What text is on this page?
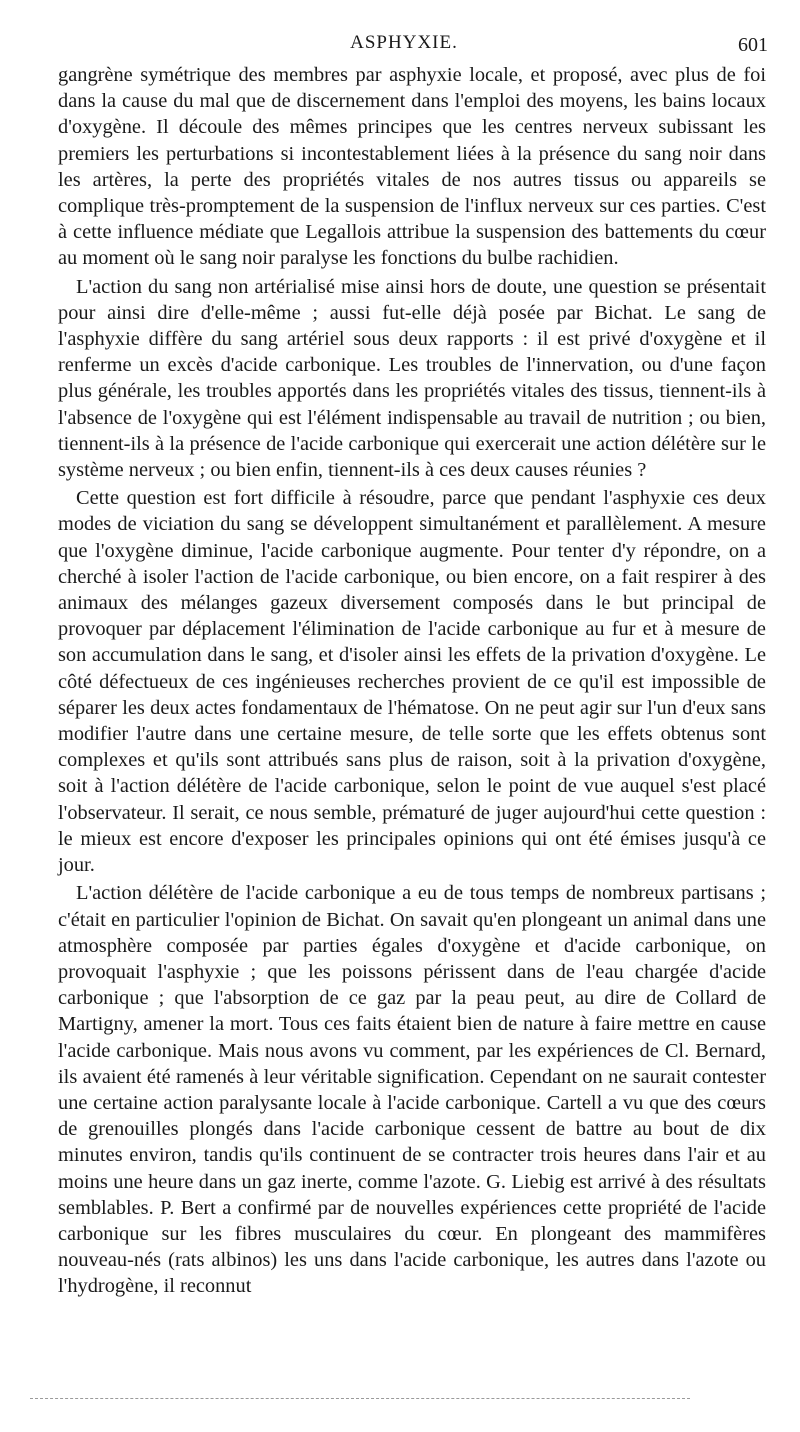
ASPHYXIE.	601

gangrène symétrique des membres par asphyxie locale, et proposé, avec plus de foi dans la cause du mal que de discernement dans l'emploi des moyens, les bains locaux d'oxygène. Il découle des mêmes principes que les centres nerveux subissant les premiers les perturbations si incontestablement liées à la présence du sang noir dans les artères, la perte des propriétés vitales de nos autres tissus ou appareils se complique très-promptement de la suspension de l'influx nerveux sur ces parties. C'est à cette influence médiate que Legallois attribue la suspension des battements du cœur au moment où le sang noir paralyse les fonctions du bulbe rachidien.

L'action du sang non artérialisé mise ainsi hors de doute, une question se présentait pour ainsi dire d'elle-même ; aussi fut-elle déjà posée par Bichat. Le sang de l'asphyxie diffère du sang artériel sous deux rapports : il est privé d'oxygène et il renferme un excès d'acide carbonique. Les troubles de l'innervation, ou d'une façon plus générale, les troubles apportés dans les propriétés vitales des tissus, tiennent-ils à l'absence de l'oxygène qui est l'élément indispensable au travail de nutrition ; ou bien, tiennent-ils à la présence de l'acide carbonique qui exercerait une action délétère sur le système nerveux ; ou bien enfin, tiennent-ils à ces deux causes réunies ?

Cette question est fort difficile à résoudre, parce que pendant l'asphyxie ces deux modes de viciation du sang se développent simultanément et parallèlement. A mesure que l'oxygène diminue, l'acide carbonique augmente. Pour tenter d'y répondre, on a cherché à isoler l'action de l'acide carbonique, ou bien encore, on a fait respirer à des animaux des mélanges gazeux diversement composés dans le but principal de provoquer par déplacement l'élimination de l'acide carbonique au fur et à mesure de son accumulation dans le sang, et d'isoler ainsi les effets de la privation d'oxygène. Le côté défectueux de ces ingénieuses recherches provient de ce qu'il est impossible de séparer les deux actes fondamentaux de l'hématose. On ne peut agir sur l'un d'eux sans modifier l'autre dans une certaine mesure, de telle sorte que les effets obtenus sont complexes et qu'ils sont attribués sans plus de raison, soit à la privation d'oxygène, soit à l'action délétère de l'acide carbonique, selon le point de vue auquel s'est placé l'observateur. Il serait, ce nous semble, prématuré de juger aujourd'hui cette question : le mieux est encore d'exposer les principales opinions qui ont été émises jusqu'à ce jour.

L'action délétère de l'acide carbonique a eu de tous temps de nombreux partisans ; c'était en particulier l'opinion de Bichat. On savait qu'en plongeant un animal dans une atmosphère composée par parties égales d'oxygène et d'acide carbonique, on provoquait l'asphyxie ; que les poissons périssent dans de l'eau chargée d'acide carbonique ; que l'absorption de ce gaz par la peau peut, au dire de Collard de Martigny, amener la mort. Tous ces faits étaient bien de nature à faire mettre en cause l'acide carbonique. Mais nous avons vu comment, par les expériences de Cl. Bernard, ils avaient été ramenés à leur véritable signification. Cependant on ne saurait contester une certaine action paralysante locale à l'acide carbonique. Cartell a vu que des cœurs de grenouilles plongés dans l'acide carbonique cessent de battre au bout de dix minutes environ, tandis qu'ils continuent de se contracter trois heures dans l'air et au moins une heure dans un gaz inerte, comme l'azote. G. Liebig est arrivé à des résultats semblables. P. Bert a confirmé par de nouvelles expériences cette propriété de l'acide carbonique sur les fibres musculaires du cœur. En plongeant des mammifères nouveau-nés (rats albinos) les uns dans l'acide carbonique, les autres dans l'azote ou l'hydrogène, il reconnut
